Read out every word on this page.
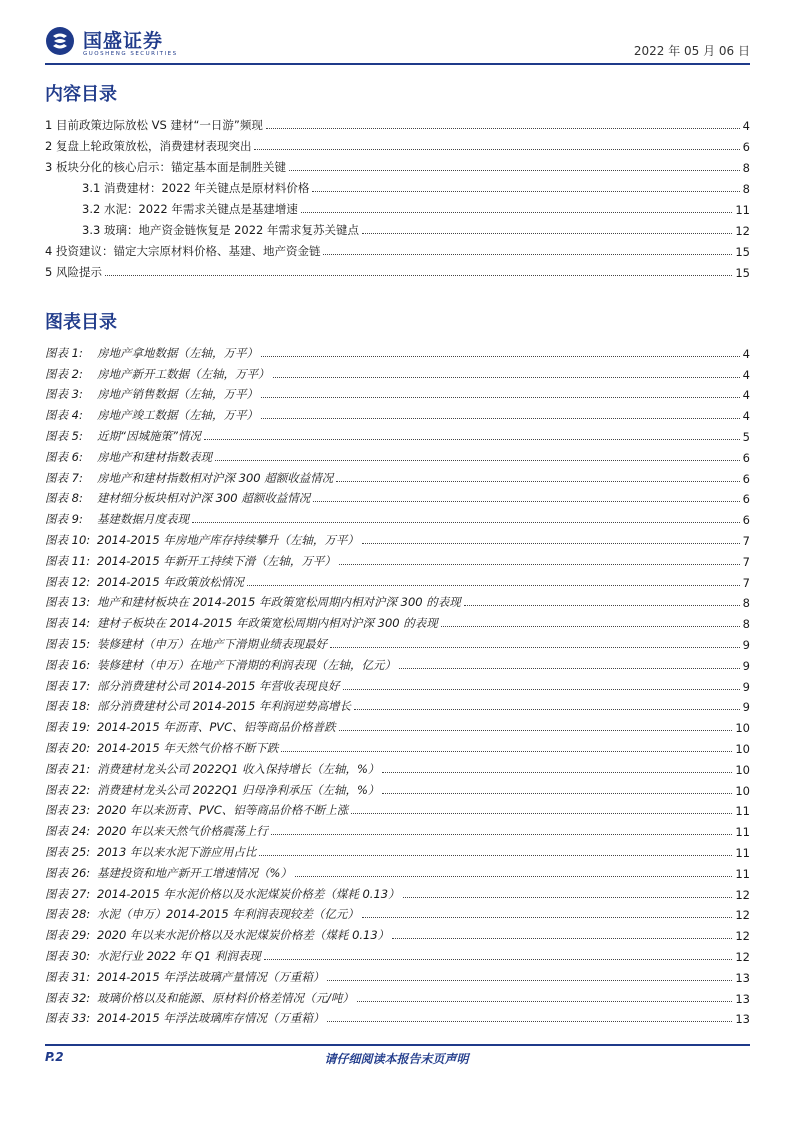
国盛证券
GUOSHENG SECURITIES	2022 年 05 月 06 日
内容目录
1 目前政策边际放松 VS 建材“一日游”频现	4
2 复盘上轮政策放松，消费建材表现突出	6
3 板块分化的核心启示：锚定基本面是制胜关键	8
3.1 消费建材：2022 年关键点是原材料价格	8
3.2 水泥：2022 年需求关键点是基建增速	11
3.3 玻璃：地产资金链恢复是 2022 年需求复苏关键点	12
4 投资建议：锚定大宗原材料价格、基建、地产资金链	15
5 风险提示	15
图表目录
图表 1:	房地产拿地数据（左轴，万平）	4
图表 2:	房地产新开工数据（左轴，万平）	4
图表 3:	房地产销售数据（左轴，万平）	4
图表 4:	房地产竣工数据（左轴，万平）	4
图表 5:	近期“因城施策”情况	5
图表 6:	房地产和建材指数表现	6
图表 7:	房地产和建材指数相对沪深 300 超额收益情况	6
图表 8:	建材细分板块相对沪深 300 超额收益情况	6
图表 9:	基建数据月度表现	6
图表 10: 2014-2015 年房地产库存持续攀升（左轴，万平）	7
图表 11: 2014-2015 年新开工持续下滑（左轴，万平）	7
图表 12: 2014-2015 年政策放松情况	7
图表 13: 地产和建材板块在 2014-2015 年政策宽松周期内相对沪深 300 的表现	8
图表 14: 建材子板块在 2014-2015 年政策宽松周期内相对沪深 300 的表现	8
图表 15: 装修建材（申万）在地产下滑期业绩表现最好	9
图表 16: 装修建材（申万）在地产下滑期的利润表现（左轴，亿元）	9
图表 17: 部分消费建材公司 2014-2015 年营收表现良好	9
图表 18: 部分消费建材公司 2014-2015 年利润逆势高增长	9
图表 19: 2014-2015 年沥青、PVC、铝等商品价格普跌	10
图表 20: 2014-2015 年天然气价格不断下跌	10
图表 21: 消费建材龙头公司 2022Q1 收入保持增长（左轴，%）	10
图表 22: 消费建材龙头公司 2022Q1 归母净利承压（左轴，%）	10
图表 23: 2020 年以来沥青、PVC、铝等商品价格不断上涨	11
图表 24: 2020 年以来天然气价格震荡上行	11
图表 25: 2013 年以来水泥下游应用占比	11
图表 26: 基建投资和地产新开工增速情况（%）	11
图表 27: 2014-2015 年水泥价格以及水泥煤炭价格差（煤耗 0.13）	12
图表 28: 水泥（申万）2014-2015 年利润表现较差（亿元）	12
图表 29: 2020 年以来水泥价格以及水泥煤炭价格差（煤耗 0.13）	12
图表 30: 水泥行业 2022 年 Q1 利润表现	12
图表 31: 2014-2015 年浮法玻璃产量情况（万重箱）	13
图表 32: 玻璃价格以及和能源、原材料价格差情况（元/吨）	13
图表 33: 2014-2015 年浮法玻璃库存情况（万重箱）	13
P.2	请仔细阅读本报告末页声明
